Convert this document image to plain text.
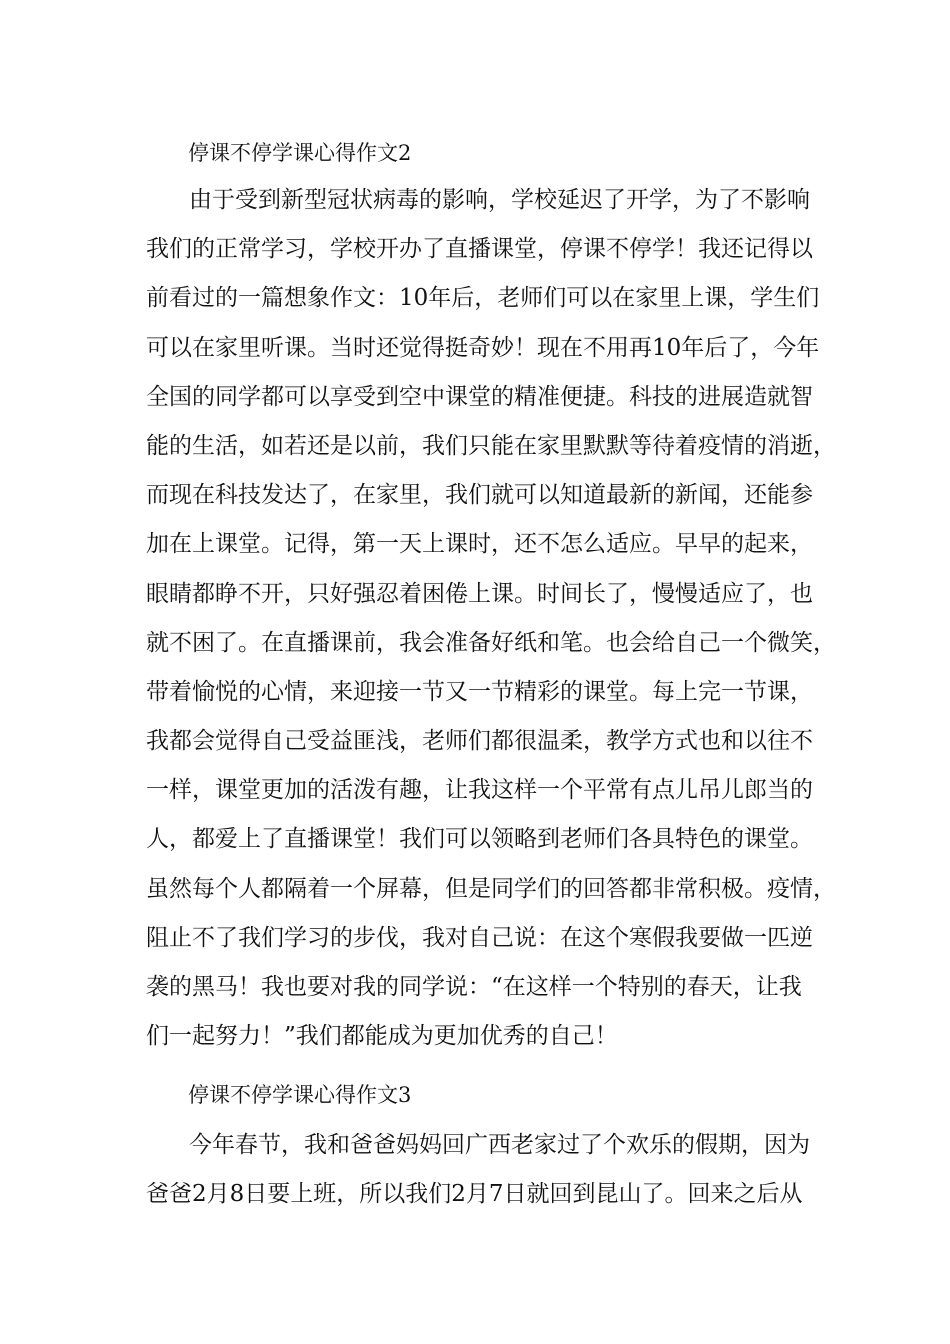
停课不停学课心得作文2
由于受到新型冠状病毒的影响，学校延迟了开学，为了不影响
我们的正常学习，学校开办了直播课堂，停课不停学！我还记得以
前看过的一篇想象作文：10年后，老师们可以在家里上课，学生们
可以在家里听课。当时还觉得挺奇妙！现在不用再10年后了，今年
全国的同学都可以享受到空中课堂的精准便捷。科技的进展造就智
能的生活，如若还是以前，我们只能在家里默默等待着疫情的消逝，
而现在科技发达了，在家里，我们就可以知道最新的新闻，还能参
加在上课堂。记得，第一天上课时，还不怎么适应。早早的起来，
眼睛都睁不开，只好强忍着困倦上课。时间长了，慢慢适应了，也
就不困了。在直播课前，我会准备好纸和笔。也会给自己一个微笑，
带着愉悦的心情，来迎接一节又一节精彩的课堂。每上完一节课，
我都会觉得自己受益匪浅，老师们都很温柔，教学方式也和以往不
一样，课堂更加的活泼有趣，让我这样一个平常有点儿吊儿郎当的
人，都爱上了直播课堂！我们可以领略到老师们各具特色的课堂。
虽然每个人都隔着一个屏幕，但是同学们的回答都非常积极。疫情，
阻止不了我们学习的步伐，我对自己说：在这个寒假我要做一匹逆
袭的黑马！我也要对我的同学说：“在这样一个特别的春天，让我
们一起努力！”我们都能成为更加优秀的自己！
停课不停学课心得作文3
今年春节，我和爸爸妈妈回广西老家过了个欢乐的假期，因为
爸爸2月8日要上班，所以我们2月7日就回到昆山了。回来之后从
